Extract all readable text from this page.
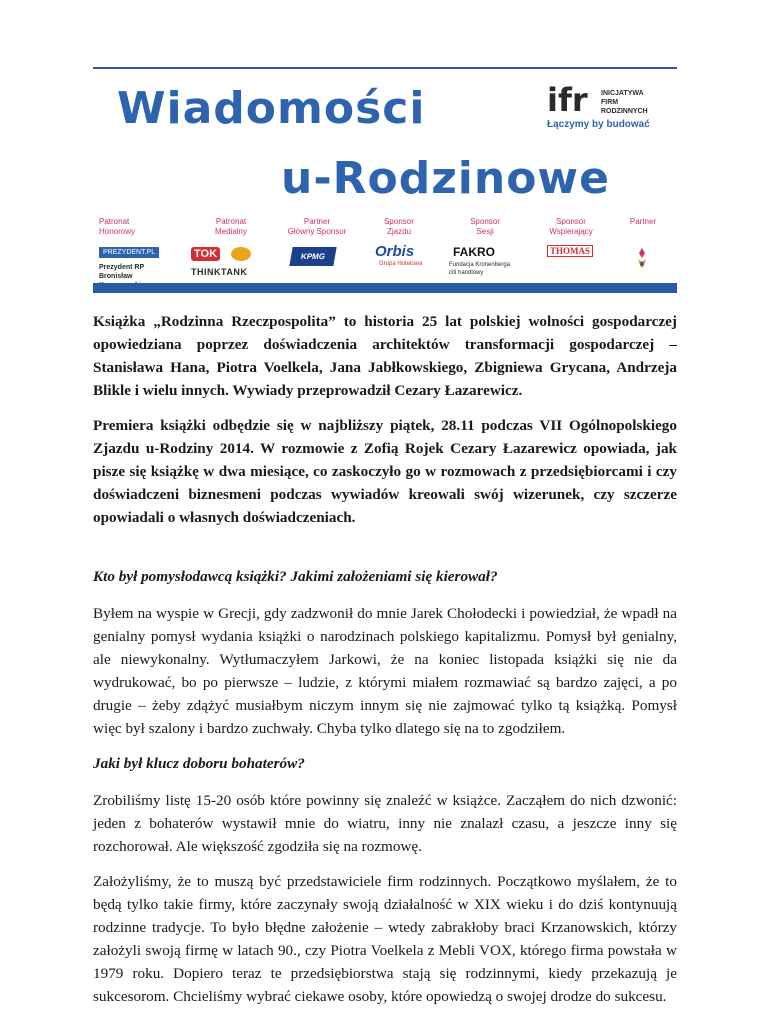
Wiadomości
u-Rodzinowe
ifr INICJATYWA
FIRM RODZINNYCH
Łączymy by budować
Patronat
Honorowy
PREZYDENT.PL
Prezydent RP
Bronisław
Patronat
Medialny
TOK
THINKTANK
Partner
Główny Sponsor
KPMG
Sponsor
Zjazdu
Orbis
Grupa Hotelowa
Sponsor
Sesji
FAKRO
Fundacja Kronenberga
citi handlowy
Sponsor
Wspierający
THOMAS
Partner

Książka „Rodzinna Rzeczpospolita” to historia 25 lat polskiej wolności gospodarczej opowiedziana poprzez doświadczenia architektów transformacji gospodarczej – Stanisława Hana, Piotra Voelkela, Jana Jabłkowskiego, Zbigniewa Grycana, Andrzeja Blikle i wielu innych. Wywiady przeprowadził Cezary Łazarewicz.

Premiera książki odbędzie się w najbliższy piątek, 28.11 podczas VII Ogólnopolskiego Zjazdu u-Rodziny 2014. W rozmowie z Zofią Rojek Cezary Łazarewicz opowiada, jak pisze się książkę w dwa miesiące, co zaskoczyło go w rozmowach z przedsiębiorcami i czy doświadczeni biznesmeni podczas wywiadów kreowali swój wizerunek, czy szczerze opowiadali o własnych doświadczeniach.

Kto był pomysłodawcą książki? Jakimi założeniami się kierował?

Byłem na wyspie w Grecji, gdy zadzwonił do mnie Jarek Chołodecki i powiedział, że wpadł na genialny pomysł wydania książki o narodzinach polskiego kapitalizmu. Pomysł był genialny, ale niewykonalny. Wytłumaczyłem Jarkowi, że na koniec listopada książki się nie da wydrukować, bo po pierwsze – ludzie, z którymi miałem rozmawiać są bardzo zajęci, a po drugie – żeby zdążyć musiałbym niczym innym się nie zajmować tylko tą książką. Pomysł więc był szalony i bardzo zuchwały. Chyba tylko dlatego się na to zgodziłem.

Jaki był klucz doboru bohaterów?

Zrobiliśmy listę 15-20 osób które powinny się znaleźć w książce. Zacząłem do nich dzwonić: jeden z bohaterów wystawił mnie do wiatru, inny nie znalazł czasu, a jeszcze inny się rozchorował. Ale większość zgodziła się na rozmowę.

Założyliśmy, że to muszą być przedstawiciele firm rodzinnych. Początkowo myślałem, że to będą tylko takie firmy, które zaczynały swoją działalność w XIX wieku i do dziś kontynuują rodzinne tradycje. To było błędne założenie – wtedy zabrakłoby braci Krzanowskich, którzy założyli swoją firmę w latach 90., czy Piotra Voelkela z Mebli VOX, którego firma powstała w 1979 roku. Dopiero teraz te przedsiębiorstwa stają się rodzinnymi, kiedy przekazują je sukcesorom. Chcieliśmy wybrać ciekawe osoby, które opowiedzą o swojej drodze do sukcesu.
